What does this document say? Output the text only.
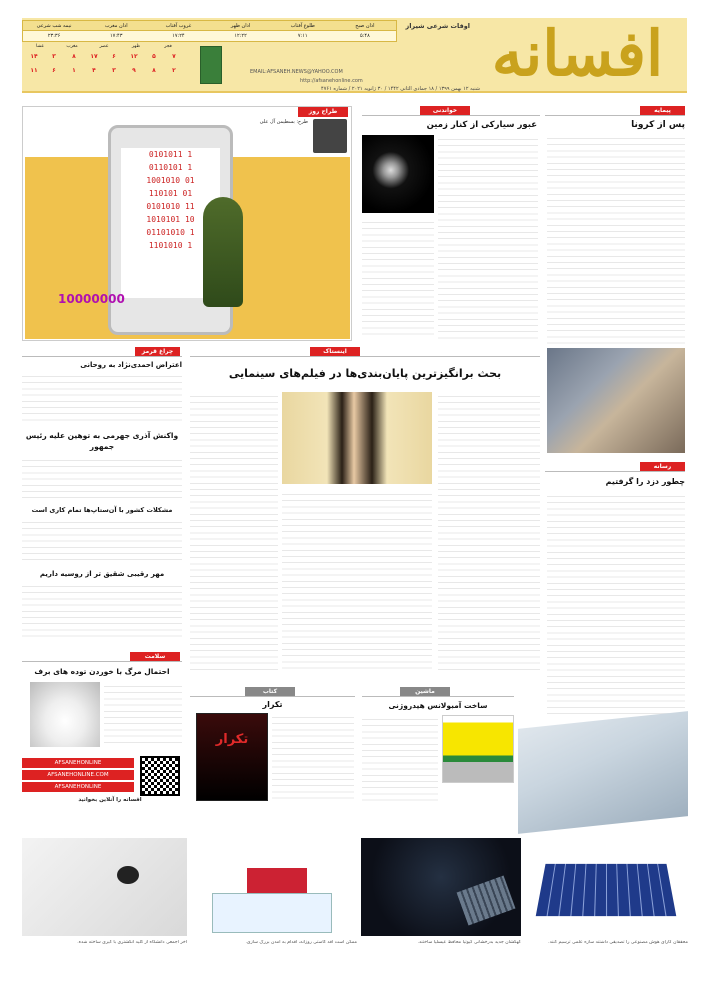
افسانه
اوقات شرعی شیراز
شنبه ۱۲ بهمن ۱۳۹۹ / ۱۸ جمادی الثانی ۱۴۴۲ / ۳۰ ژانویه ۲۰۲۱ / شماره ۴۷۶۱
http://afsanehonline.com
EMAIL:AFSANEH.NEWS@YAHOO.COM
اذان صبح
طلوع آفتاب
اذان ظهر
غروب آفتاب
اذان مغرب
نیمه شب شرعی
۵:۴۸
۷:۱۱
۱۲:۲۲
۱۷:۲۴
۱۷:۴۳
۲۳:۳۶
فجر
ظهر
عصر
مغرب
عشا
۷
۵
۱۲
۶
۱۷
۸
۳
۱۴
۲
۸
۹
۳
۴
۱
۶
۱۱
پیمایه
پس از کرونا
خواندنی
عبور سیارکی از کنار زمین
طراح روز
طرح: بسطیمن آل علی
0101011 1
0110101 1
1001010 01
110101 01
0101010 11
1010101 10
01101010 1
1101010 1
10000000
چراغ قرمز
اعتراض احمدی‌نژاد به روحانی
واکنش آذری جهرمی به توهین علیه رئیس جمهور
مشکلات کشور با آن‌ستاپ‌ها تمام کاری است
مهر رقیبی شقیق تر از روسیه داریم
اینستاک
بحث برانگیزترین پایان‌بندی‌ها در فیلم‌های سینمایی
رسانه
چطور دزد را گرفتیم
سلامت
احتمال مرگ با خوردن توده های برف
AFSANEHONLINE
AFSANEHONLINE.COM
AFSANEHONLINE
افسانه را آنلاین بخوانید
کتاب
تکرار
تکرار
ماشین
ساخت آمبولانس هیدروژنی
محققان کارای هوش مصنوعی را تصدیقی داشتند سازه علمی ترسیم کنند.
کهکشان جدید بدرخشانی گیوتیا محافظ عیسلیا ساختند.
ممکن است اقد کاستی روزانه، اقدام به آمدن بزرگ سازی.
آخر اجمعی دانشگاه از کلید انگشتری با گیری ساخته شده.
